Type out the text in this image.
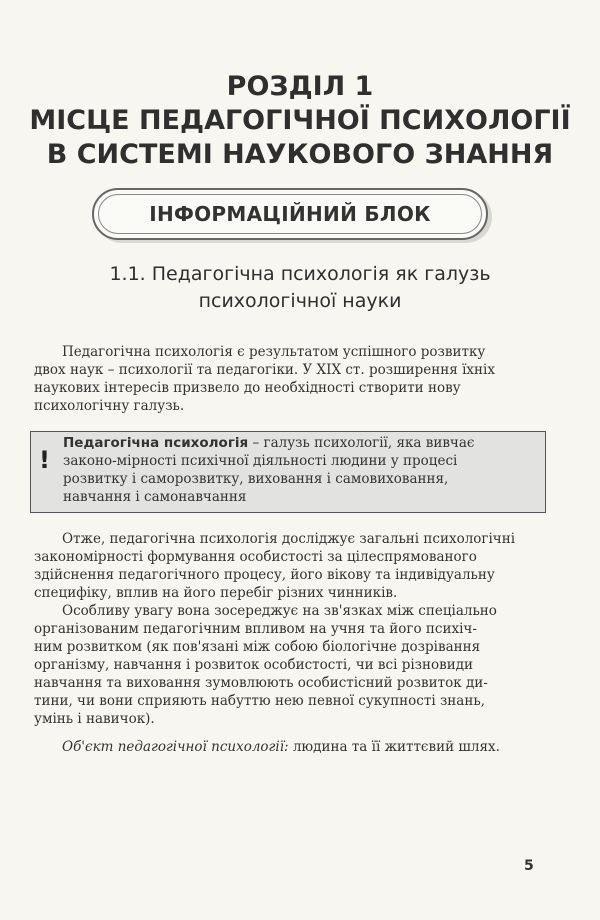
РОЗДІЛ 1
МІСЦЕ ПЕДАГОГІЧНОЇ ПСИХОЛОГІЇ
В СИСТЕМІ НАУКОВОГО ЗНАННЯ
ІНФОРМАЦІЙНИЙ БЛОК
1.1. Педагогічна психологія як галузь
психологічної науки
Педагогічна психологія є результатом успішного розвитку
двох наук – психології та педагогіки. У XIX ст. розширення їхніх
наукових інтересів призвело до необхідності створити нову
психологічну галузь.
!
Педагогічна психологія – галузь психології, яка вивчає
законо-мірності психічної діяльності людини у процесі
розвитку і саморозвитку, виховання і самовиховання,
навчання і самонавчання
Отже, педагогічна психологія досліджує загальні психологічні
закономірності формування особистості за цілеспрямованого
здійснення педагогічного процесу, його вікову та індивідуальну
специфіку, вплив на його перебіг різних чинників.
Особливу увагу вона зосереджує на зв'язках між спеціально
організованим педагогічним впливом на учня та його психіч-
ним розвитком (як пов'язані між собою біологічне дозрівання
організму, навчання і розвиток особистості, чи всі різновиди
навчання та виховання зумовлюють особистісний розвиток ди-
тини, чи вони сприяють набуттю нею певної сукупності знань,
умінь і навичок).
Об'єкт педагогічної психології: людина та її життєвий шлях.
5
